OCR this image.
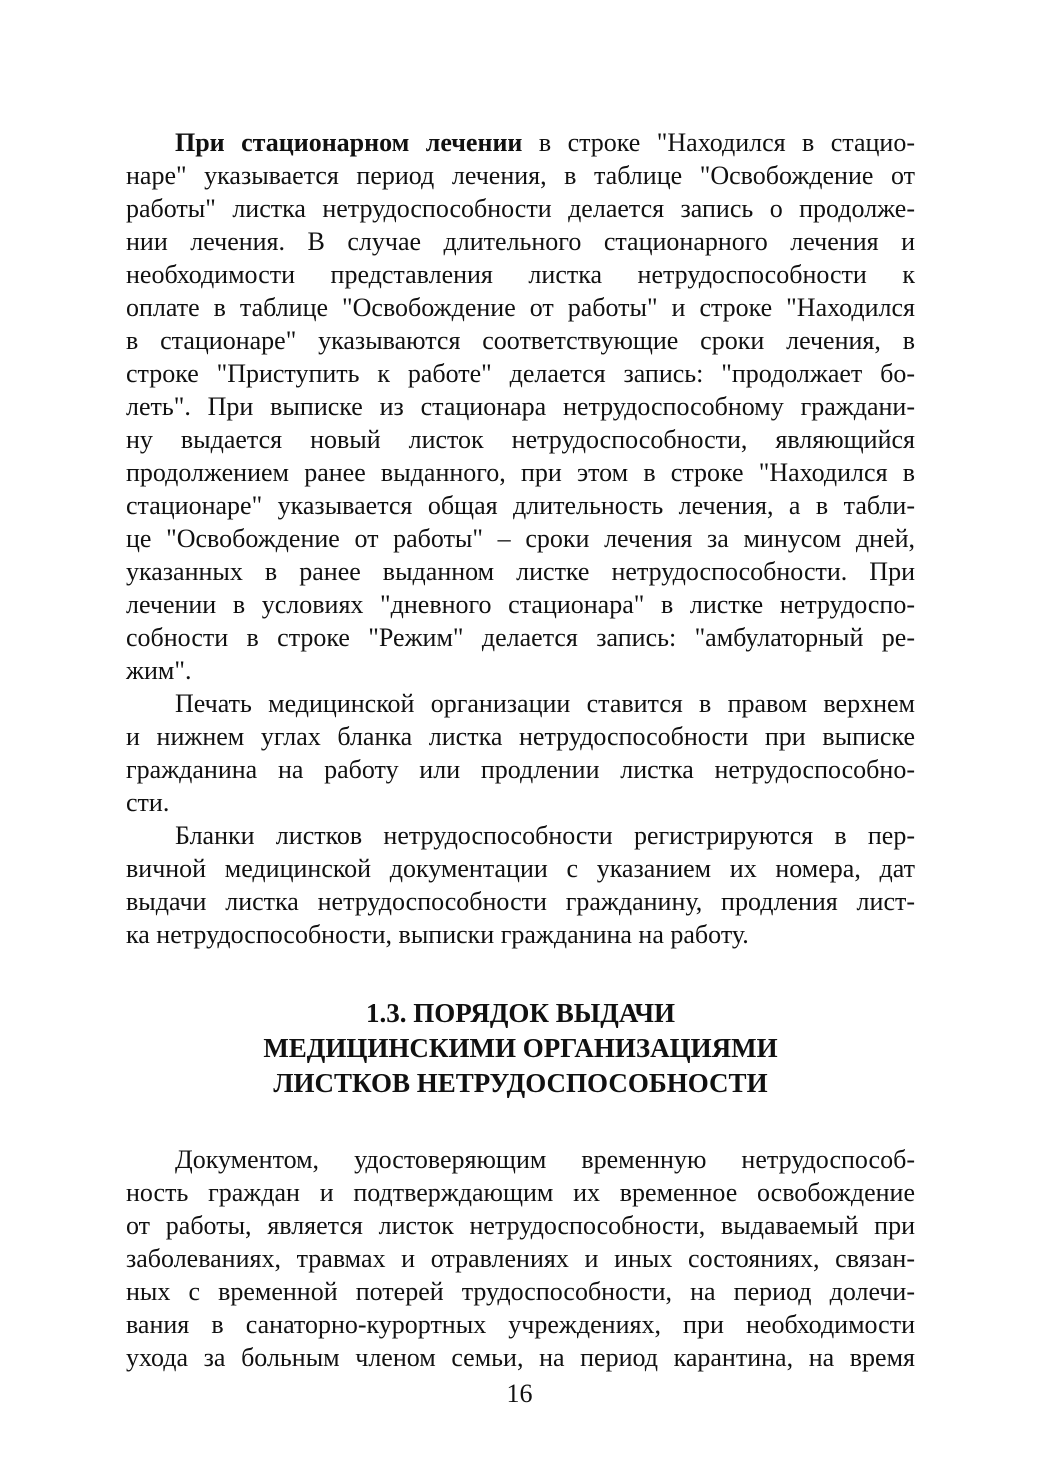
При стационарном лечении в строке "Находился в стацио-
наре" указывается период лечения, в таблице "Освобождение от
работы" листка нетрудоспособности делается запись о продолже-
нии лечения. В случае длительного стационарного лечения и
необходимости представления листка нетрудоспособности к
оплате в таблице "Освобождение от работы" и строке "Находился
в стационаре" указываются соответствующие сроки лечения, в
строке "Приступить к работе" делается запись: "продолжает бо-
леть". При выписке из стационара нетрудоспособному граждани-
ну выдается новый листок нетрудоспособности, являющийся
продолжением ранее выданного, при этом в строке "Находился в
стационаре" указывается общая длительность лечения, а в табли-
це "Освобождение от работы" – сроки лечения за минусом дней,
указанных в ранее выданном листке нетрудоспособности. При
лечении в условиях "дневного стационара" в листке нетрудоспо-
собности в строке "Режим" делается запись: "амбулаторный ре-
жим".
Печать медицинской организации ставится в правом верхнем
и нижнем углах бланка листка нетрудоспособности при выписке
гражданина на работу или продлении листка нетрудоспособно-
сти.
Бланки листков нетрудоспособности регистрируются в пер-
вичной медицинской документации с указанием их номера, дат
выдачи листка нетрудоспособности гражданину, продления лист-
ка нетрудоспособности, выписки гражданина на работу.
1.3. ПОРЯДОК ВЫДАЧИ
МЕДИЦИНСКИМИ ОРГАНИЗАЦИЯМИ
ЛИСТКОВ НЕТРУДОСПОСОБНОСТИ
Документом, удостоверяющим временную нетрудоспособ-
ность граждан и подтверждающим их временное освобождение
от работы, является листок нетрудоспособности, выдаваемый при
заболеваниях, травмах и отравлениях и иных состояниях, связан-
ных с временной потерей трудоспособности, на период долечи-
вания в санаторно-курортных учреждениях, при необходимости
ухода за больным членом семьи, на период карантина, на время
16
